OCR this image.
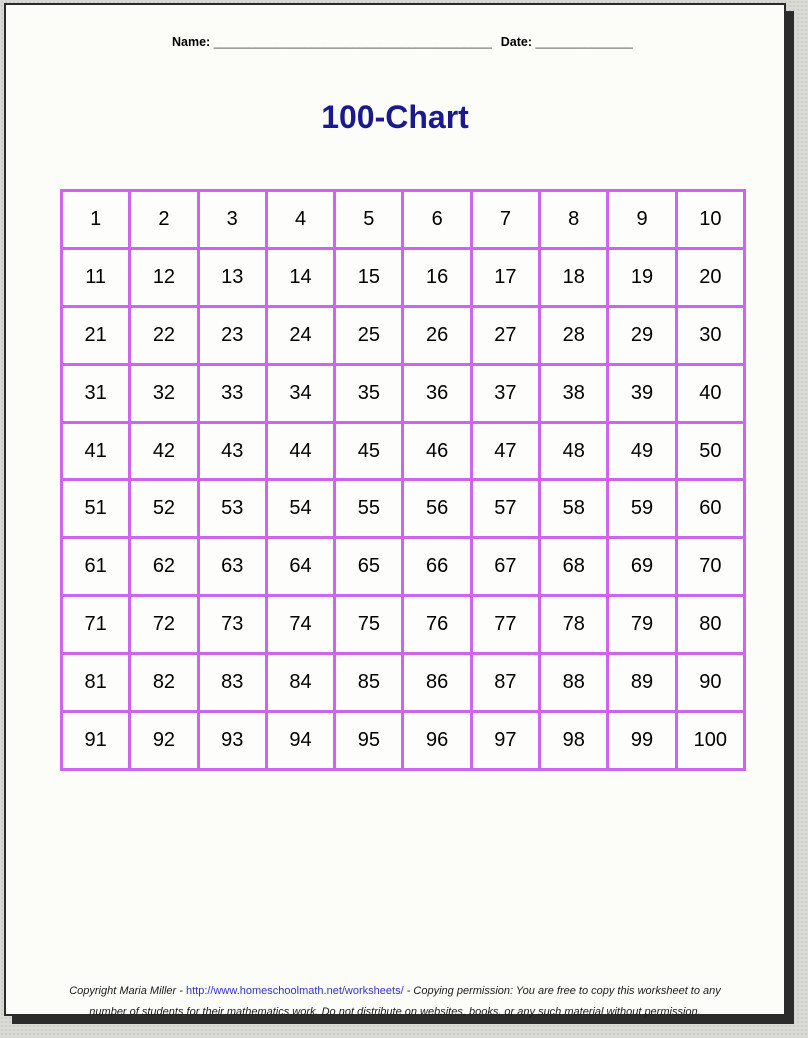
Name: ________________________________________ Date: ______________
100-Chart
1	2	3	4	5	6	7	8	9	10
11	12	13	14	15	16	17	18	19	20
21	22	23	24	25	26	27	28	29	30
31	32	33	34	35	36	37	38	39	40
41	42	43	44	45	46	47	48	49	50
51	52	53	54	55	56	57	58	59	60
61	62	63	64	65	66	67	68	69	70
71	72	73	74	75	76	77	78	79	80
81	82	83	84	85	86	87	88	89	90
91	92	93	94	95	96	97	98	99	100
Copyright Maria Miller - http://www.homeschoolmath.net/worksheets/ - Copying permission: You are free to copy this worksheet to any
number of students for their mathematics work. Do not distribute on websites, books, or any such material without permission.
